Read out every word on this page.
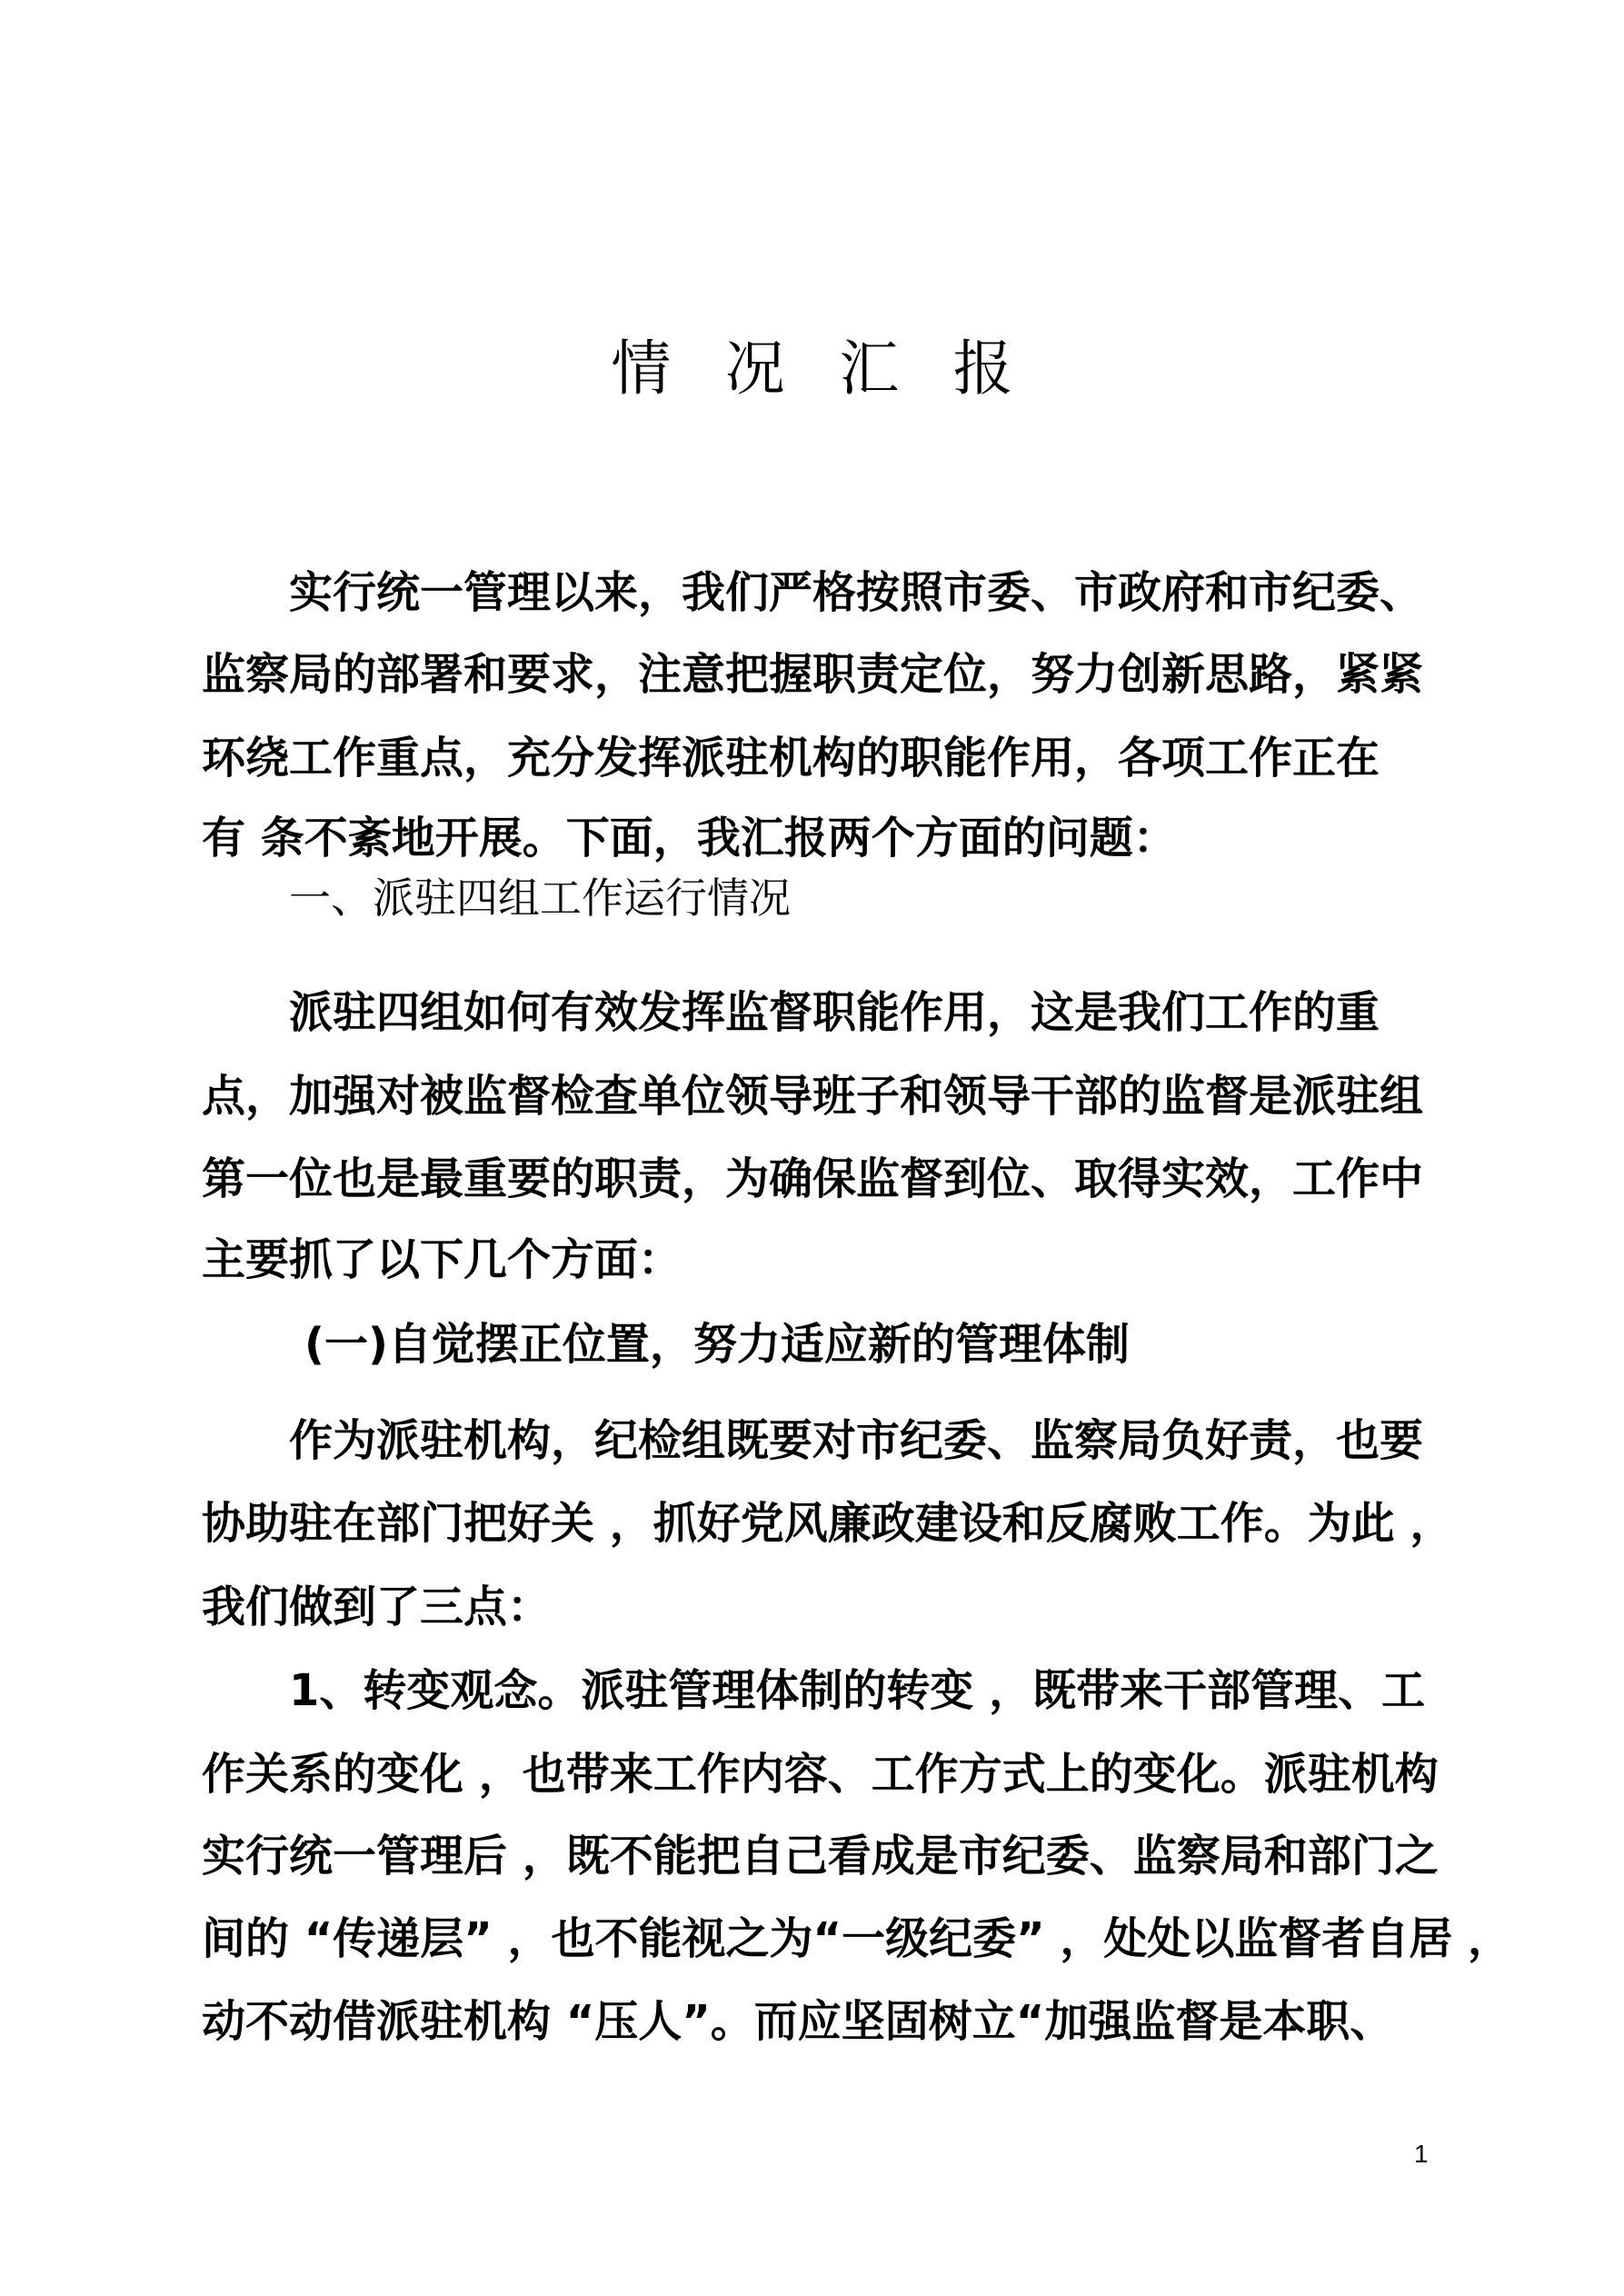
情况汇报
实行统一管理以来，我们严格按照市委、市政府和市纪委、
监察局的部署和要求，注意把握职责定位，努力创新思路，紧紧
环绕工作重点，充分发挥派驻机构的职能作用，各项工作正在
有 条不紊地开展。下面，我汇报两个方面的问题：
一、派驻四组工作运行情况
派驻四组如何有效发挥监督职能作用，这是我们工作的重
点，加强对被监督检查单位领导班子和领导干部的监督是派驻组
第一位也是最重要的职责，为确保监督到位、取得实效，工作中
主要抓了以下几个方面：
(一)自觉摆正位置，努力适应新的管理体制
作为派驻机构，纪检组既要对市纪委、监察局负好责，也要
协助驻在部门把好关 ，抓好党风廉政建设和反腐败工作。为此 ，
我们做到了三点：
1、转变观念。派驻管理体制的转变 ，既带来干部管理、工
作关系的变化 ，也带来工作内容、工作方式上的变化。派驻机构
实行统一管理后 ，既不能把自己看成是市纪委、监察局和部门之
间的 “传递层” ，也不能视之为“一级纪委” ，处处以监督者自居 ，
动不动借派驻机构 “压人”。而应坚固树立“加强监督是本职、
1
